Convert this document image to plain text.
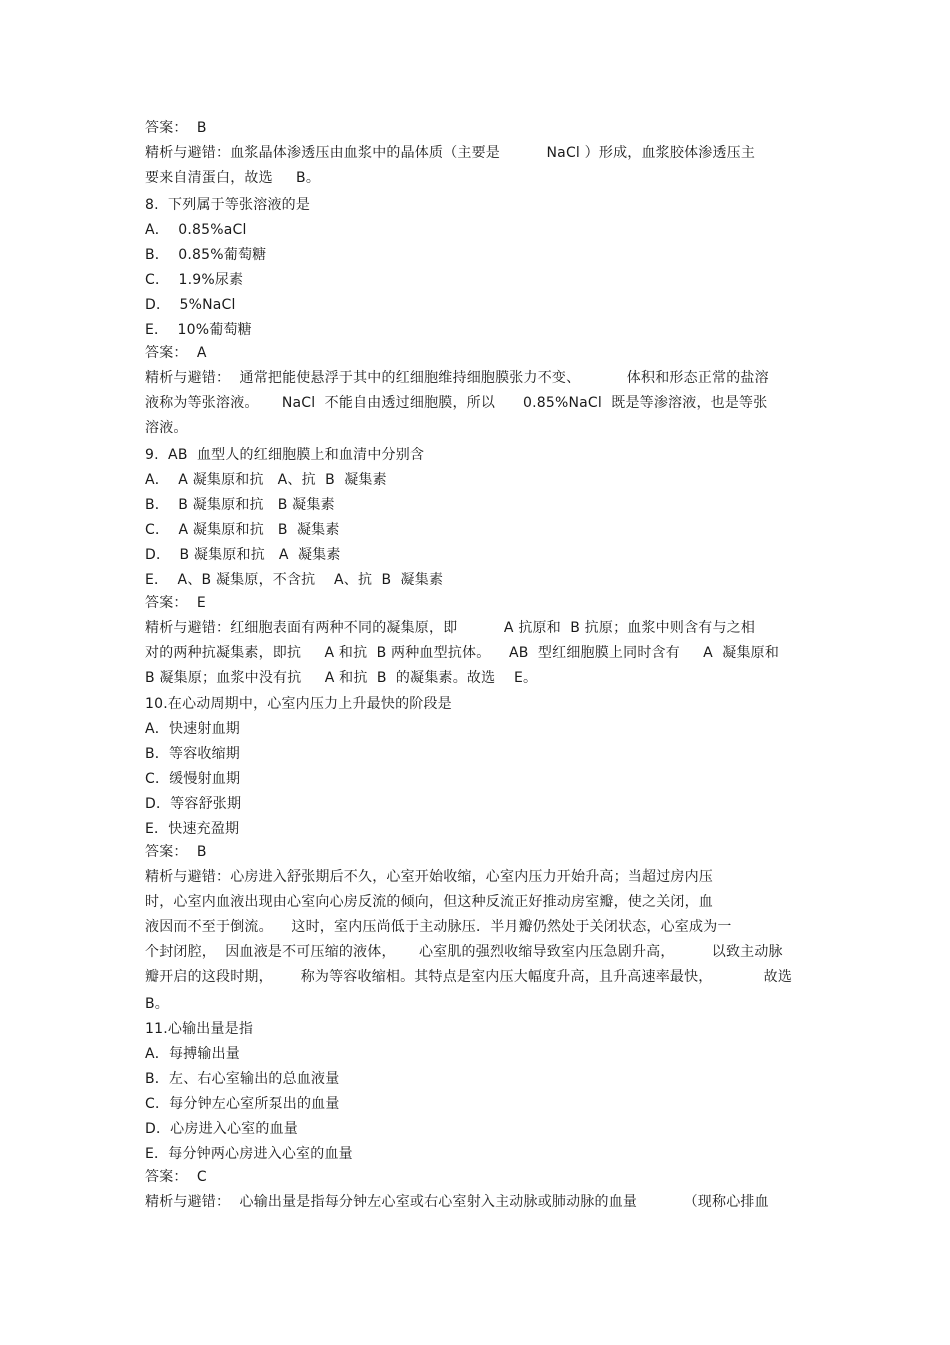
答案：  B
精析与避错：血浆晶体渗透压由血浆中的晶体质（主要是          NaCl ）形成，血浆胶体渗透压主
要来自清蛋白，故选     B。
8.  下列属于等张溶液的是
A．  0.85%aCl
B．  0.85%葡萄糖
C．  1.9%尿素
D．  5%NaCl
E．  10%葡萄糖
答案：  A
精析与避错：  通常把能使悬浮于其中的红细胞维持细胞膜张力不变、          体积和形态正常的盐溶
液称为等张溶液。     NaCl  不能自由透过细胞膜，所以      0.85%NaCl  既是等渗溶液，也是等张
溶液。
9.  AB  血型人的红细胞膜上和血清中分别含
A．  A 凝集原和抗   A、抗  B  凝集素
B．  B 凝集原和抗   B 凝集素
C．  A 凝集原和抗   B  凝集素
D．  B 凝集原和抗   A  凝集素
E．  A、B 凝集原，不含抗    A、抗  B  凝集素
答案：  E
精析与避错：红细胞表面有两种不同的凝集原，即          A 抗原和  B 抗原；血浆中则含有与之相
对的两种抗凝集素，即抗     A 和抗  B 两种血型抗体。    AB  型红细胞膜上同时含有     A  凝集原和
B 凝集原；血浆中没有抗     A 和抗  B  的凝集素。故选    E。
10.在心动周期中，心室内压力上升最快的阶段是
A．快速射血期
B．等容收缩期
C．缓慢射血期
D．等容舒张期
E．快速充盈期
答案：  B
精析与避错：心房进入舒张期后不久，心室开始收缩，心室内压力开始升高；当超过房内压
时，心室内血液出现由心室向心房反流的倾向，但这种反流正好推动房室瓣，使之关闭，血
液因而不至于倒流。    这时，室内压尚低于主动脉压．半月瓣仍然处于关闭状态，心室成为一
个封闭腔，  因血液是不可压缩的液体，     心室肌的强烈收缩导致室内压急剧升高，        以致主动脉
瓣开启的这段时期，      称为等容收缩相。其特点是室内压大幅度升高，且升高速率最快，           故选
B。
11.心输出量是指
A．每搏输出量
B．左、右心室输出的总血液量
C．每分钟左心室所泵出的血量
D．心房进入心室的血量
E．每分钟两心房进入心室的血量
答案：  C
精析与避错：  心输出量是指每分钟左心室或右心室射入主动脉或肺动脉的血量          （现称心排血
